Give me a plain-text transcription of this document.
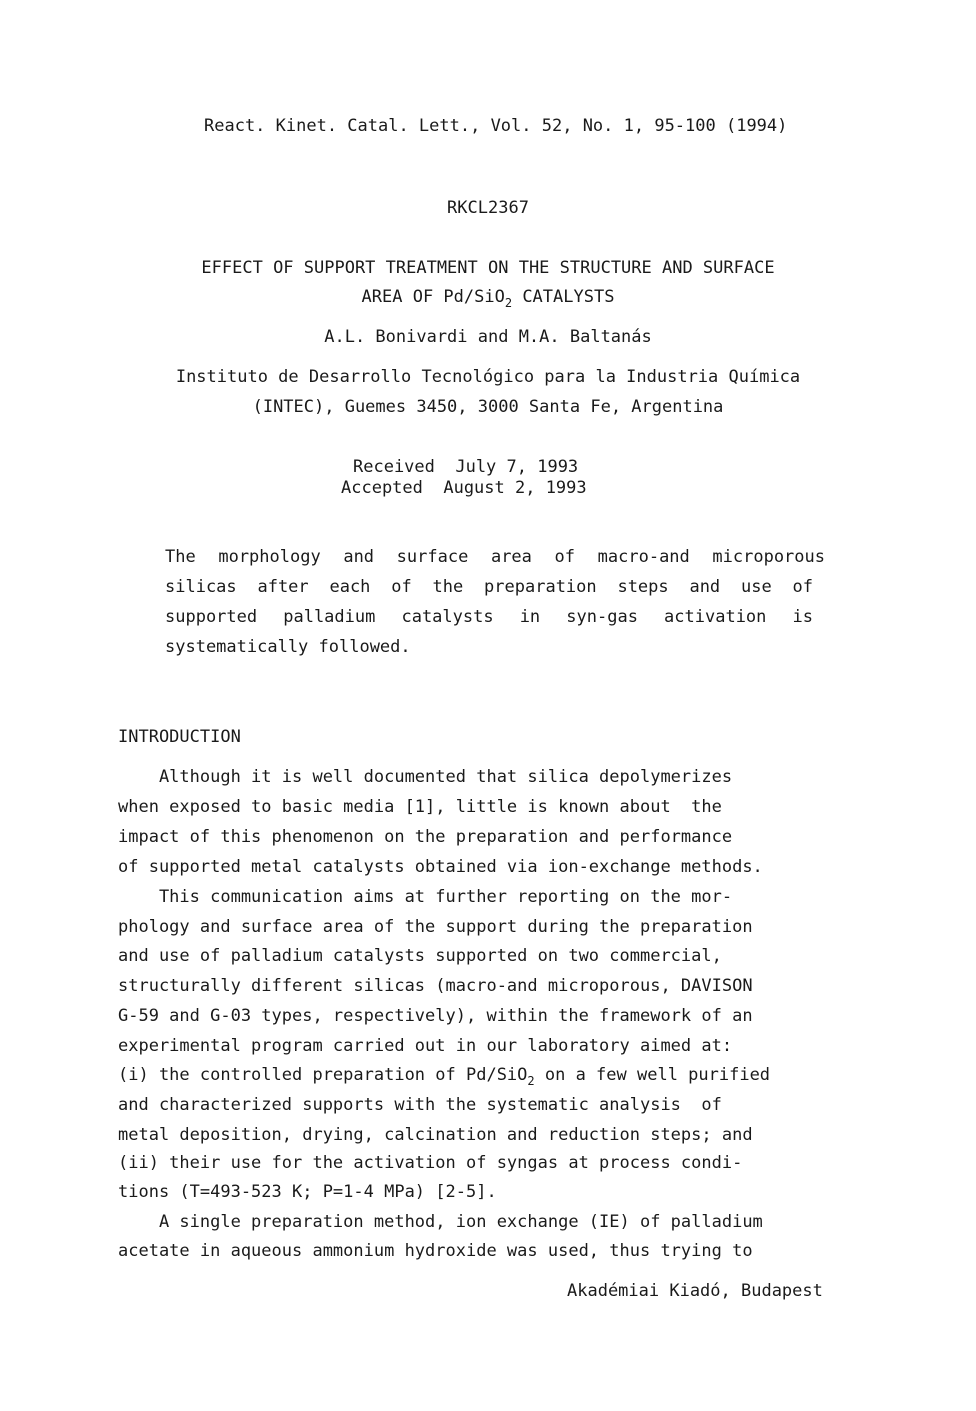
React. Kinet. Catal. Lett., Vol. 52, No. 1, 95-100 (1994)
RKCL2367
EFFECT OF SUPPORT TREATMENT ON THE STRUCTURE AND SURFACE
AREA OF Pd/SiO$_2$ CATALYSTS
A.L. Bonivardi and M.A. Baltanás
Instituto de Desarrollo Tecnológico para la Industria Química
(INTEC), Guemes 3450, 3000 Santa Fe, Argentina
Received  July 7, 1993
Accepted  August 2, 1993
The morphology and surface area of macro-and microporous
silicas after each of the preparation steps and use of
supported palladium catalysts in syn-gas activation is
systematically followed.
INTRODUCTION
Although it is well documented that silica depolymerizes
when exposed to basic media [1], little is known about  the
impact of this phenomenon on the preparation and performance
of supported metal catalysts obtained via ion-exchange methods.
This communication aims at further reporting on the mor-
phology and surface area of the support during the preparation
and use of palladium catalysts supported on two commercial,
structurally different silicas (macro-and microporous, DAVISON
G-59 and G-03 types, respectively), within the framework of an
experimental program carried out in our laboratory aimed at:
(i) the controlled preparation of Pd/SiO$_2$ on a few well purified
and characterized supports with the systematic analysis  of
metal deposition, drying, calcination and reduction steps; and
(ii) their use for the activation of syngas at process condi-
tions (T=493-523 K; P=1-4 MPa) [2-5].
A single preparation method, ion exchange (IE) of palladium
acetate in aqueous ammonium hydroxide was used, thus trying to
Akadémiai Kiadó, Budapest
